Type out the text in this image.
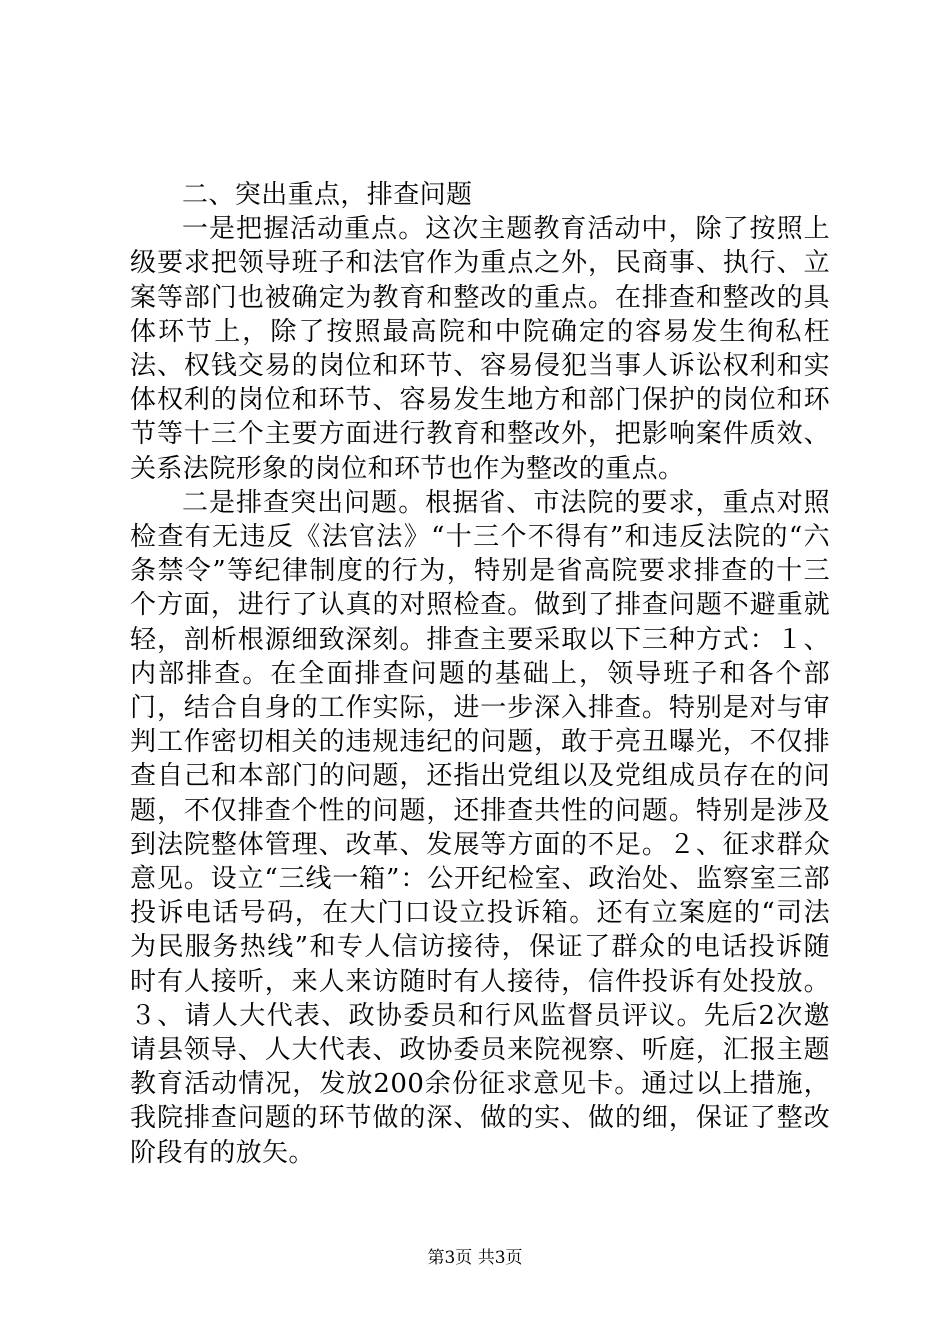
二、突出重点，排查问题

一是把握活动重点。这次主题教育活动中，除了按照上级要求把领导班子和法官作为重点之外，民商事、执行、立案等部门也被确定为教育和整改的重点。在排查和整改的具体环节上，除了按照最高院和中院确定的容易发生徇私枉法、权钱交易的岗位和环节、容易侵犯当事人诉讼权利和实体权利的岗位和环节、容易发生地方和部门保护的岗位和环节等十三个主要方面进行教育和整改外，把影响案件质效、关系法院形象的岗位和环节也作为整改的重点。

二是排查突出问题。根据省、市法院的要求，重点对照检查有无违反《法官法》“十三个不得有”和违反法院的“六条禁令”等纪律制度的行为，特别是省高院要求排查的十三个方面，进行了认真的对照检查。做到了排查问题不避重就轻，剖析根源细致深刻。排查主要采取以下三种方式：１、内部排查。在全面排查问题的基础上，领导班子和各个部门，结合自身的工作实际，进一步深入排查。特别是对与审判工作密切相关的违规违纪的问题，敢于亮丑曝光，不仅排查自己和本部门的问题，还指出党组以及党组成员存在的问题，不仅排查个性的问题，还排查共性的问题。特别是涉及到法院整体管理、改革、发展等方面的不足。２、征求群众意见。设立“三线一箱”：公开纪检室、政治处、监察室三部投诉电话号码，在大门口设立投诉箱。还有立案庭的“司法为民服务热线”和专人信访接待，保证了群众的电话投诉随时有人接听，来人来访随时有人接待，信件投诉有处投放。３、请人大代表、政协委员和行风监督员评议。先后2次邀请县领导、人大代表、政协委员来院视察、听庭，汇报主题教育活动情况，发放200余份征求意见卡。通过以上措施，我院排查问题的环节做的深、做的实、做的细，保证了整改阶段有的放矢。

第3页 共3页
